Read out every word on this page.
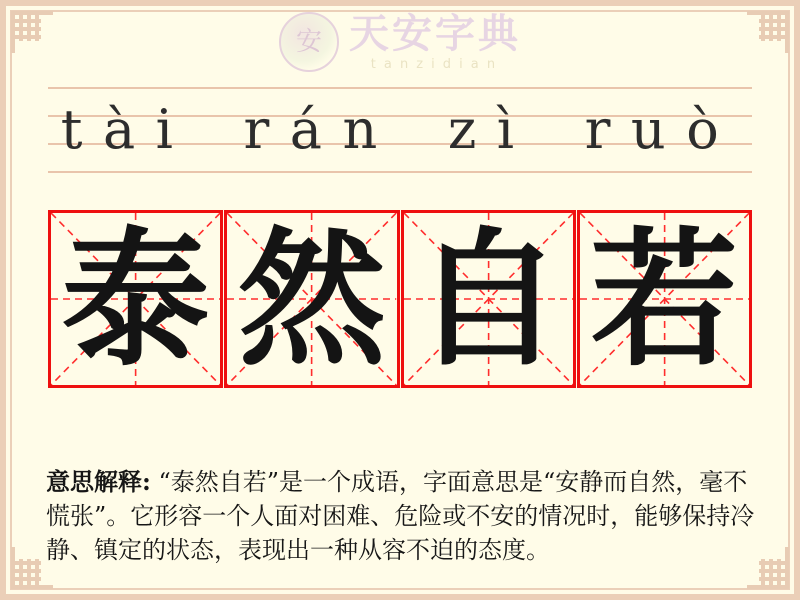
安 天安字典
tanzidian
tài rán zì ruò
泰 然 自 若

意思解释: “泰然自若”是一个成语，字面意思是“安静而自然，毫不慌张”。它形容一个人面对困难、危险或不安的情况时，能够保持冷静、镇定的状态，表现出一种从容不迫的态度。
